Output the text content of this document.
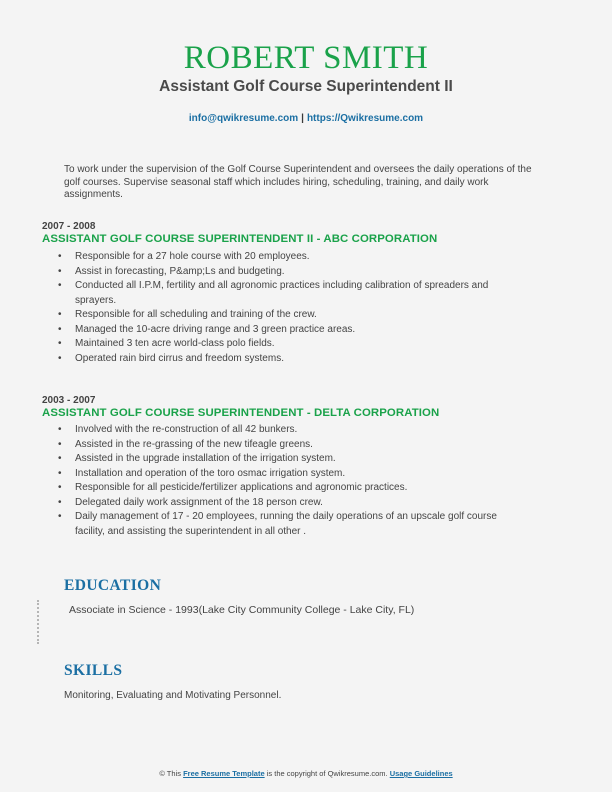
ROBERT SMITH
Assistant Golf Course Superintendent II
info@qwikresume.com | https://Qwikresume.com
To work under the supervision of the Golf Course Superintendent and oversees the daily operations of the golf courses. Supervise seasonal staff which includes hiring, scheduling, training, and daily work assignments.
2007 - 2008
ASSISTANT GOLF COURSE SUPERINTENDENT II - ABC CORPORATION
• Responsible for a 27 hole course with 20 employees.
• Assist in forecasting, P&amp;Ls and budgeting.
• Conducted all I.P.M, fertility and all agronomic practices including calibration of spreaders and sprayers.
• Responsible for all scheduling and training of the crew.
• Managed the 10-acre driving range and 3 green practice areas.
• Maintained 3 ten acre world-class polo fields.
• Operated rain bird cirrus and freedom systems.
2003 - 2007
ASSISTANT GOLF COURSE SUPERINTENDENT - DELTA CORPORATION
• Involved with the re-construction of all 42 bunkers.
• Assisted in the re-grassing of the new tifeagle greens.
• Assisted in the upgrade installation of the irrigation system.
• Installation and operation of the toro osmac irrigation system.
• Responsible for all pesticide/fertilizer applications and agronomic practices.
• Delegated daily work assignment of the 18 person crew.
• Daily management of 17 - 20 employees, running the daily operations of an upscale golf course facility, and assisting the superintendent in all other .
EDUCATION
Associate in Science - 1993(Lake City Community College - Lake City, FL)
SKILLS
Monitoring, Evaluating and Motivating Personnel.
© This Free Resume Template is the copyright of Qwikresume.com. Usage Guidelines
